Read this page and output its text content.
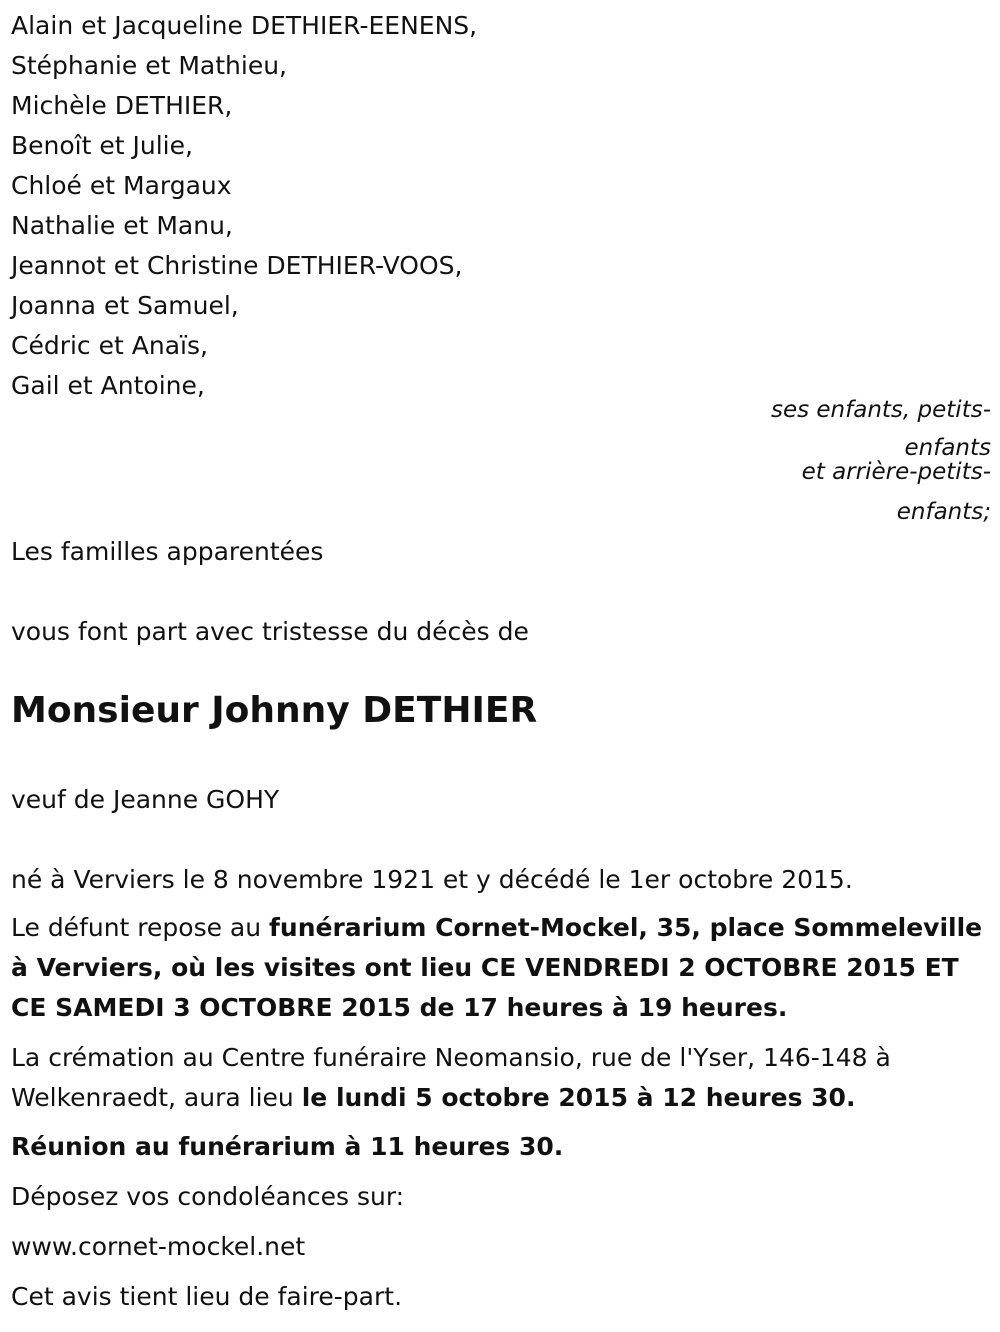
Alain et Jacqueline DETHIER-EENENS,
Stéphanie et Mathieu,
Michèle DETHIER,
Benoît et Julie,
Chloé et Margaux
Nathalie et Manu,
Jeannot et Christine DETHIER-VOOS,
Joanna et Samuel,
Cédric et Anaïs,
Gail et Antoine,
ses enfants, petits-
enfants
et arrière-petits-
enfants;
Les familles apparentées
vous font part avec tristesse du décès de
Monsieur Johnny DETHIER
veuf de Jeanne GOHY
né à Verviers le 8 novembre 1921 et y décédé le 1er octobre 2015.
Le défunt repose au funérarium Cornet-Mockel, 35, place Sommeleville à Verviers, où les visites ont lieu CE VENDREDI 2 OCTOBRE 2015 ET CE SAMEDI 3 OCTOBRE 2015 de 17 heures à 19 heures.
La crémation au Centre funéraire Neomansio, rue de l'Yser, 146-148 à Welkenraedt, aura lieu le lundi 5 octobre 2015 à 12 heures 30.
Réunion au funérarium à 11 heures 30.
Déposez vos condoléances sur:
www.cornet-mockel.net
Cet avis tient lieu de faire-part.
